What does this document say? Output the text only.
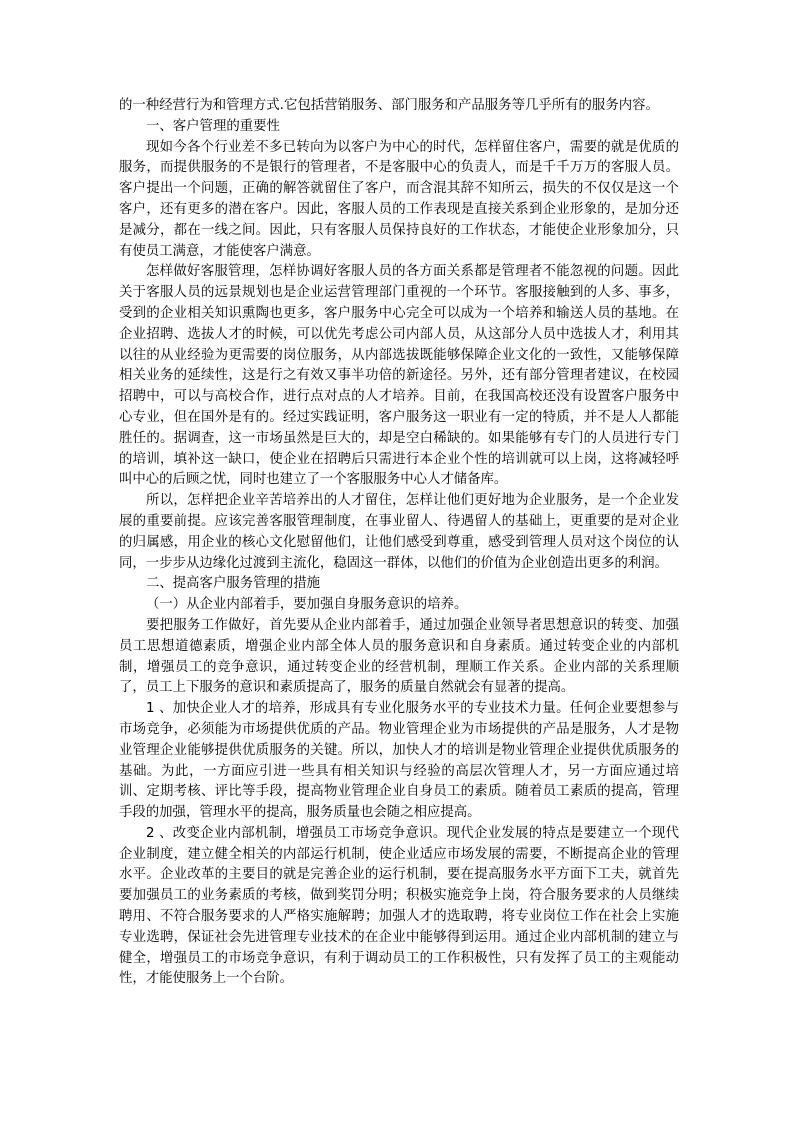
的一种经营行为和管理方式.它包括营销服务、部门服务和产品服务等几乎所有的服务内容。

一、客户管理的重要性

现如今各个行业差不多已转向为以客户为中心的时代，怎样留住客户，需要的就是优质的服务，而提供服务的不是银行的管理者，不是客服中心的负责人，而是千千万万的客服人员。客户提出一个问题，正确的解答就留住了客户，而含混其辞不知所云，损失的不仅仅是这一个客户，还有更多的潜在客户。因此，客服人员的工作表现是直接关系到企业形象的，是加分还是减分，都在一线之间。因此，只有客服人员保持良好的工作状态，才能使企业形象加分，只有使员工满意，才能使客户满意。

怎样做好客服管理，怎样协调好客服人员的各方面关系都是管理者不能忽视的问题。因此关于客服人员的远景规划也是企业运营管理部门重视的一个环节。客服接触到的人多、事多，受到的企业相关知识熏陶也更多，客户服务中心完全可以成为一个培养和输送人员的基地。在企业招聘、选拔人才的时候，可以优先考虑公司内部人员，从这部分人员中选拔人才，利用其以往的从业经验为更需要的岗位服务，从内部选拔既能够保障企业文化的一致性，又能够保障相关业务的延续性，这是行之有效又事半功倍的新途径。另外，还有部分管理者建议，在校园招聘中，可以与高校合作，进行点对点的人才培养。目前，在我国高校还没有设置客户服务中心专业，但在国外是有的。经过实践证明，客户服务这一职业有一定的特质，并不是人人都能胜任的。据调查，这一市场虽然是巨大的，却是空白稀缺的。如果能够有专门的人员进行专门的培训，填补这一缺口，使企业在招聘后只需进行本企业个性的培训就可以上岗，这将减轻呼叫中心的后顾之忧，同时也建立了一个客服服务中心人才储备库。

所以，怎样把企业辛苦培养出的人才留住，怎样让他们更好地为企业服务，是一个企业发展的重要前提。应该完善客服管理制度，在事业留人、待遇留人的基础上，更重要的是对企业的归属感，用企业的核心文化慰留他们，让他们感受到尊重，感受到管理人员对这个岗位的认同，一步步从边缘化过渡到主流化，稳固这一群体，以他们的价值为企业创造出更多的利润。

二、提高客户服务管理的措施

（一）从企业内部着手，要加强自身服务意识的培养。

要把服务工作做好，首先要从企业内部着手，通过加强企业领导者思想意识的转变、加强员工思想道德素质，增强企业内部全体人员的服务意识和自身素质。通过转变企业的内部机制，增强员工的竞争意识，通过转变企业的经营机制，理顺工作关系。企业内部的关系理顺了，员工上下服务的意识和素质提高了，服务的质量自然就会有显著的提高。

1 、加快企业人才的培养，形成具有专业化服务水平的专业技术力量。任何企业要想参与市场竞争，必须能为市场提供优质的产品。物业管理企业为市场提供的产品是服务，人才是物业管理企业能够提供优质服务的关键。所以，加快人才的培训是物业管理企业提供优质服务的基础。为此，一方面应引进一些具有相关知识与经验的高层次管理人才，另一方面应通过培训、定期考核、评比等手段，提高物业管理企业自身员工的素质。随着员工素质的提高，管理手段的加强，管理水平的提高，服务质量也会随之相应提高。

2 、改变企业内部机制，增强员工市场竞争意识。现代企业发展的特点是要建立一个现代企业制度，建立健全相关的内部运行机制，使企业适应市场发展的需要，不断提高企业的管理水平。企业改革的主要目的就是完善企业的运行机制，要在提高服务水平方面下工夫，就首先要加强员工的业务素质的考核，做到奖罚分明；积极实施竞争上岗，符合服务要求的人员继续聘用、不符合服务要求的人严格实施解聘；加强人才的选取聘，将专业岗位工作在社会上实施专业选聘，保证社会先进管理专业技术的在企业中能够得到运用。通过企业内部机制的建立与健全，增强员工的市场竞争意识，有利于调动员工的工作积极性，只有发挥了员工的主观能动性，才能使服务上一个台阶。
